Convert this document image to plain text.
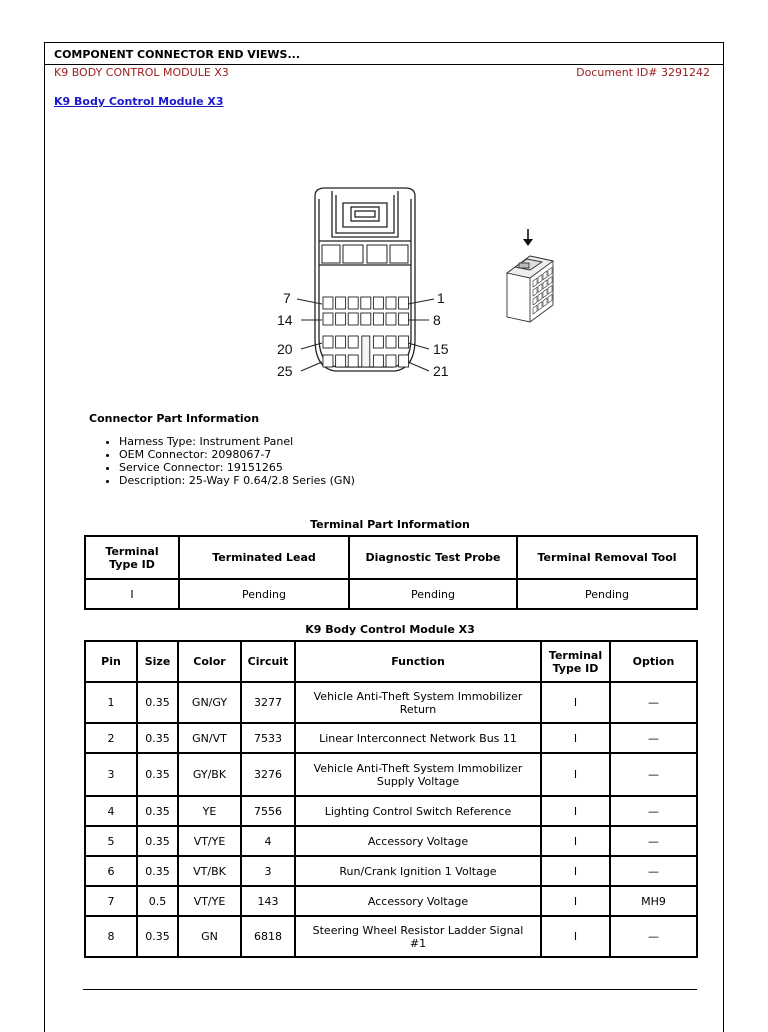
COMPONENT CONNECTOR END VIEWS...
K9 BODY CONTROL MODULE X3	Document ID# 3291242
K9 Body Control Module X3
7	1
14	8
20	15
25	21
Connector Part Information
• Harness Type: Instrument Panel
• OEM Connector: 2098067-7
• Service Connector: 19151265
• Description: 25-Way F 0.64/2.8 Series (GN)
Terminal Part Information
Terminal Type ID	Terminated Lead	Diagnostic Test Probe	Terminal Removal Tool
I	Pending	Pending	Pending
K9 Body Control Module X3
Pin	Size	Color	Circuit	Function	Terminal Type ID	Option
1	0.35	GN/GY	3277	Vehicle Anti-Theft System Immobilizer Return	I	—
2	0.35	GN/VT	7533	Linear Interconnect Network Bus 11	I	—
3	0.35	GY/BK	3276	Vehicle Anti-Theft System Immobilizer Supply Voltage	I	—
4	0.35	YE	7556	Lighting Control Switch Reference	I	—
5	0.35	VT/YE	4	Accessory Voltage	I	—
6	0.35	VT/BK	3	Run/Crank Ignition 1 Voltage	I	—
7	0.5	VT/YE	143	Accessory Voltage	I	MH9
8	0.35	GN	6818	Steering Wheel Resistor Ladder Signal #1	I	—
